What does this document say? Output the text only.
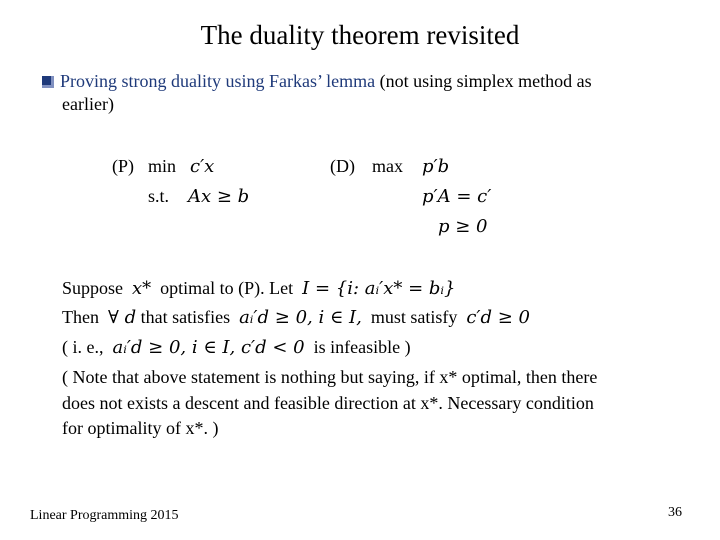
The duality theorem revisited
Proving strong duality using Farkas’ lemma (not using simplex method as
earlier)
(P) min c′x
s.t. Ax ≥ b
(D) max p′b
p′A = c′
p ≥ 0
Suppose x* optimal to (P). Let I = {i: aᵢ′x* = bᵢ}
Then ∀ d that satisfies aᵢ′d ≥ 0, i ∈ I, must satisfy c′d ≥ 0
( i. e., aᵢ′d ≥ 0, i ∈ I, c′d < 0 is infeasible )
( Note that above statement is nothing but saying, if x* optimal, then there
does not exists a descent and feasible direction at x*. Necessary condition
for optimality of x*. )
Linear Programming 2015	36
